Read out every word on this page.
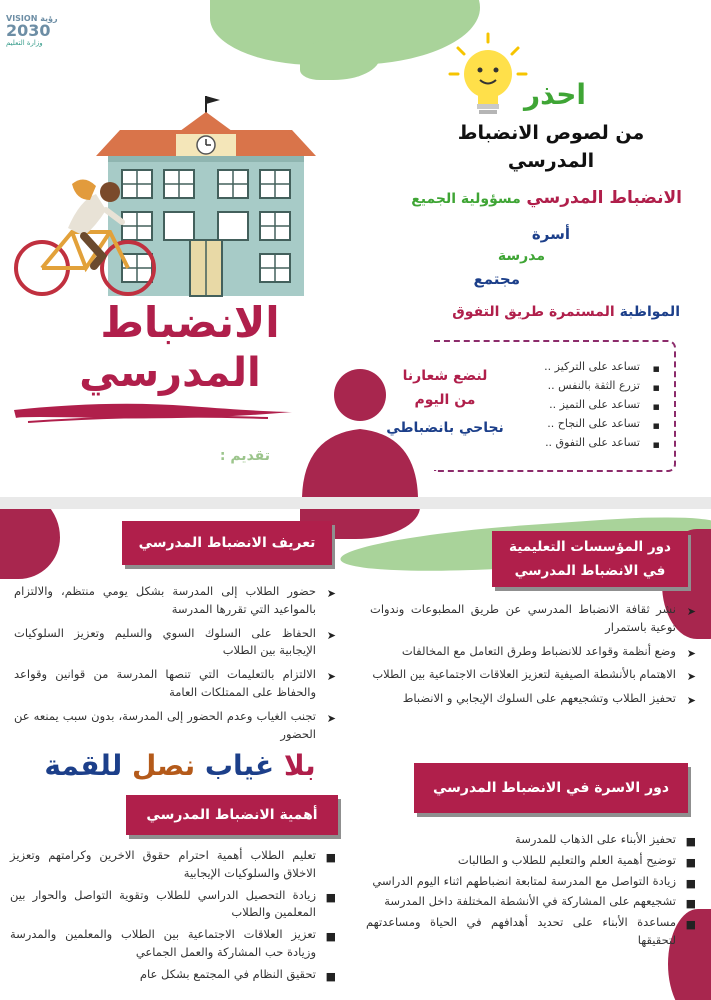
VISION رؤية
2030
وزارة التعليم
احذر
من لصوص الانضباط
المدرسي
الانضباط المدرسي مسؤولية الجميع
أسرة
مدرسة
مجتمع
المواظبة المستمرة طريق التفوق
▪
تساعد على التركيز ..
▪
تزرع الثقة بالنفس ..
▪
تساعد على التميز ..
▪
تساعد على النجاح ..
▪
تساعد على التفوق ..
لنضع شعارنا
من اليوم
نجاحي بانضباطي
الانضباط
المدرسي
تقديم :
تعريف الانضباط المدرسي
➤
حضور الطلاب إلى المدرسة بشكل يومي منتظم، والالتزام بالمواعيد التي تقررها المدرسة
➤
الحفاظ على السلوك السوي والسليم وتعزيز السلوكيات الإيجابية بين الطلاب
➤
الالتزام بالتعليمات التي تنصها المدرسة من قوانين وقواعد والحفاظ على الممتلكات العامة
➤
تجنب الغياب وعدم الحضور إلى المدرسة، بدون سبب يمنعه عن الحضور
بلا غياب نصل للقمة
أهمية الانضباط المدرسي
■
تعليم الطلاب أهمية احترام حقوق الاخرين وكرامتهم وتعزيز الاخلاق والسلوكيات الإيجابية
■
زيادة التحصيل الدراسي للطلاب وتقوية التواصل والحوار بين المعلمين والطلاب
■
تعزيز العلاقات الاجتماعية بين الطلاب والمعلمين والمدرسة وزيادة حب المشاركة والعمل الجماعي
■
تحقيق النظام في المجتمع بشكل عام
دور المؤسسات التعليمية
في الانضباط المدرسي
➤
نشر ثقافة الانضباط المدرسي عن طريق المطبوعات وندوات توعية باستمرار
➤
وضع أنظمة وقواعد للانضباط وطرق التعامل مع المخالفات
➤
الاهتمام بالأنشطة الصيفية لتعزيز العلاقات الاجتماعية بين الطلاب
➤
تحفيز الطلاب وتشجيعهم على السلوك الإيجابي و الانضباط
دور الاسرة في الانضباط المدرسي
■
تحفيز الأبناء على الذهاب للمدرسة
■
توضيح أهمية العلم والتعليم للطلاب و الطالبات
■
زيادة التواصل مع المدرسة لمتابعة انضباطهم اثناء اليوم الدراسي
■
تشجيعهم على المشاركة في الأنشطة المختلفة داخل المدرسة
■
مساعدة الأبناء على تحديد أهدافهم في الحياة ومساعدتهم لتحقيقها
